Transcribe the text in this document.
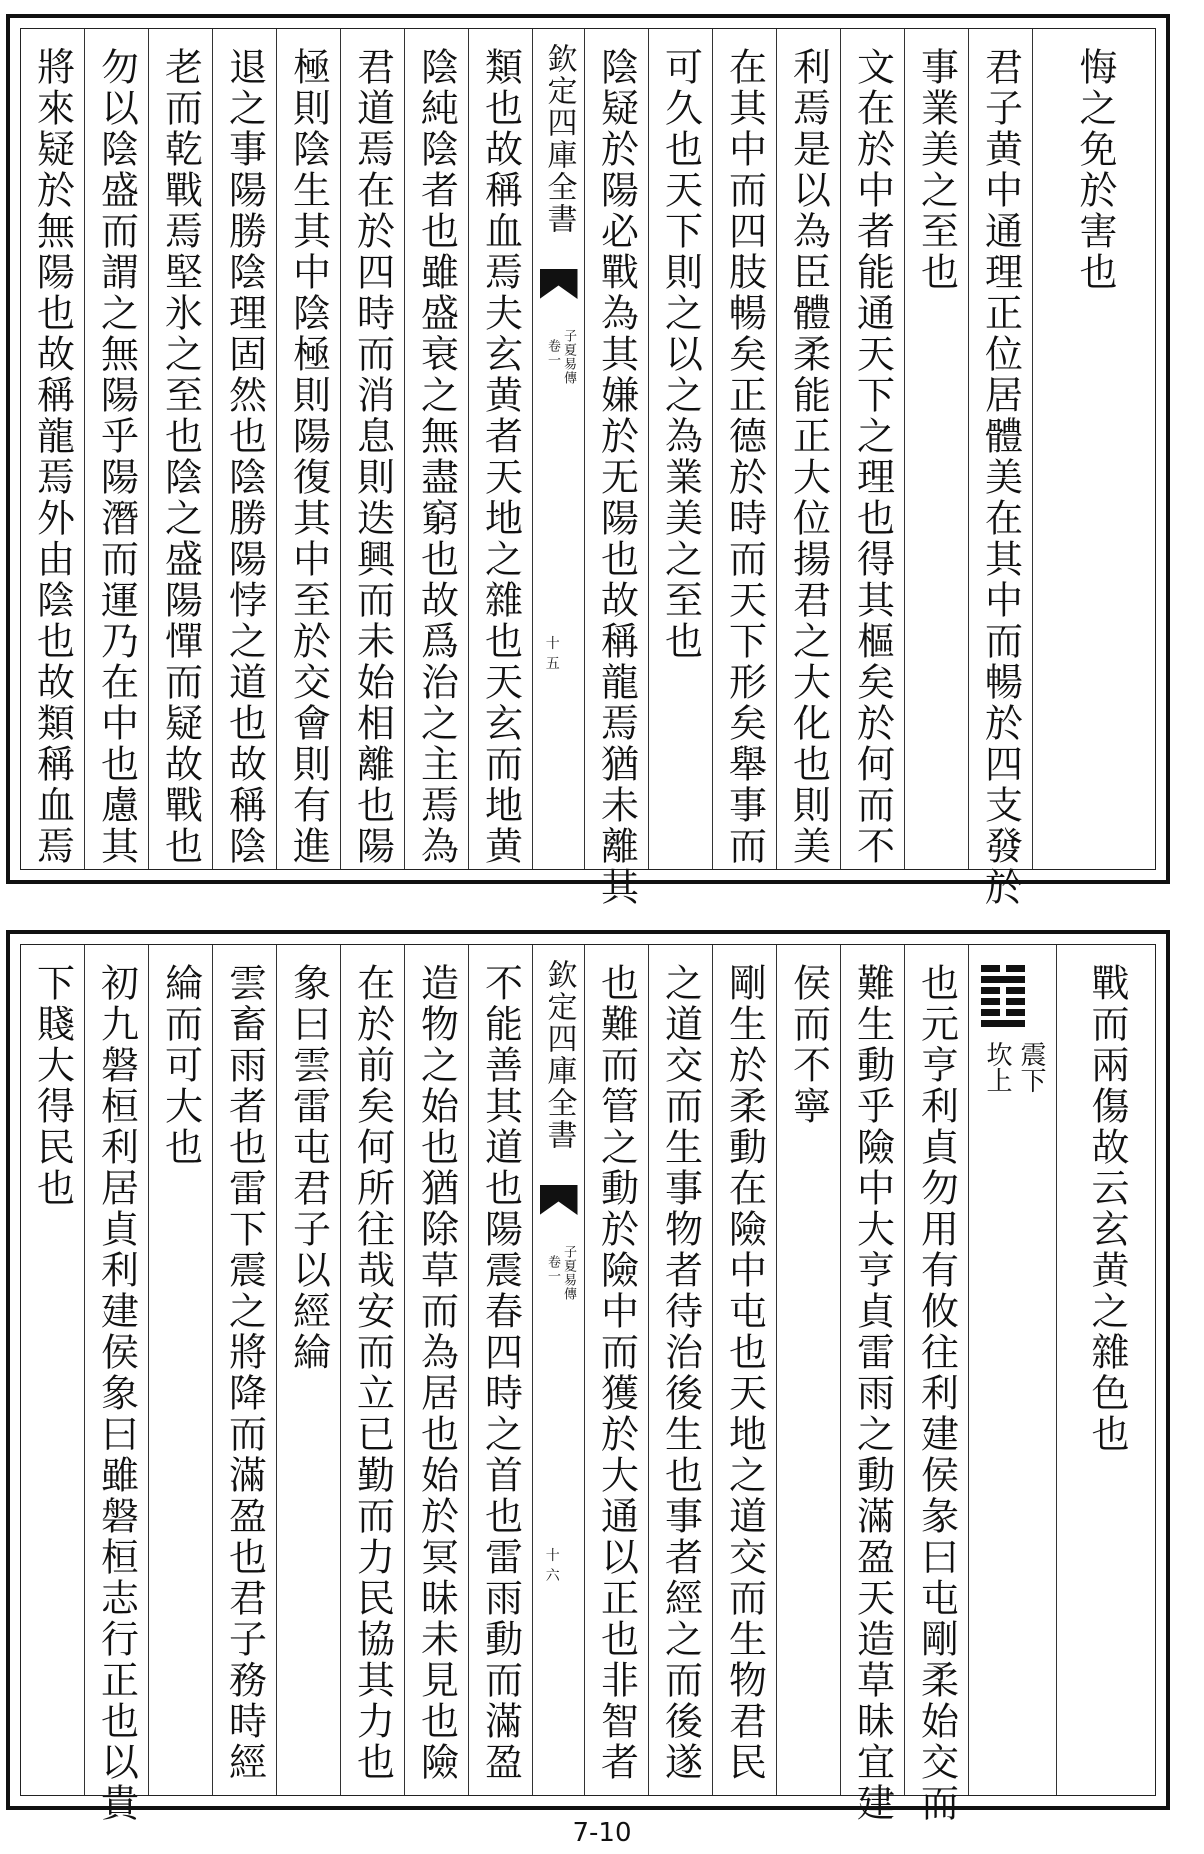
將來疑於無陽也故稱龍焉外由陰也故類稱血焉 勿以陰盛而謂之無陽乎陽潛而運乃在中也慮其 老而乾戰焉堅氷之至也陰之盛陽憚而疑故戰也 退之事陽勝陰理固然也陰勝陽悖之道也故稱陰 極則陰生其中陰極則陽復其中至於交會則有進 君道焉在於四時而消息則迭興而未始相離也陽 陰純陰者也雖盛衰之無盡窮也故爲治之主焉為 類也故稱血焉夫玄黄者天地之雜也天玄而地黄 欽定四庫全書
子夏易傳
卷一
十五 陰疑於陽必戰為其嫌於无陽也故稱龍焉猶未離其 可久也天下則之以之為業美之至也 在其中而四肢暢矣正德於時而天下形矣舉事而 利焉是以為臣體柔能正大位揚君之大化也則美 文在於中者能通天下之理也得其樞矣於何而不 事業美之至也 君子黄中通理正位居體美在其中而暢於四支發於 悔之免於害也
下賤大得民也 初九磐桓利居貞利建侯象曰雖磐桓志行正也以貴 綸而可大也 雲畜雨者也雷下震之將降而滿盈也君子務時經 象曰雲雷屯君子以經綸 在於前矣何所往哉安而立已勤而力民協其力也 造物之始也猶除草而為居也始於冥昧未見也險 不能善其道也陽震春四時之首也雷雨動而滿盈 欽定四庫全書
子夏易傳
卷一
十六 也難而管之動於險中而獲於大通以正也非智者 之道交而生事物者待治後生也事者經之而後遂 剛生於柔動在險中屯也天地之道交而生物君民 侯而不寧 難生動乎險中大亨貞雷雨之動滿盈天造草昧宜建 也元亨利貞勿用有攸往利建侯彖曰屯剛柔始交而 震下
坎上 戰而兩傷故云玄黄之雜色也
7-10
